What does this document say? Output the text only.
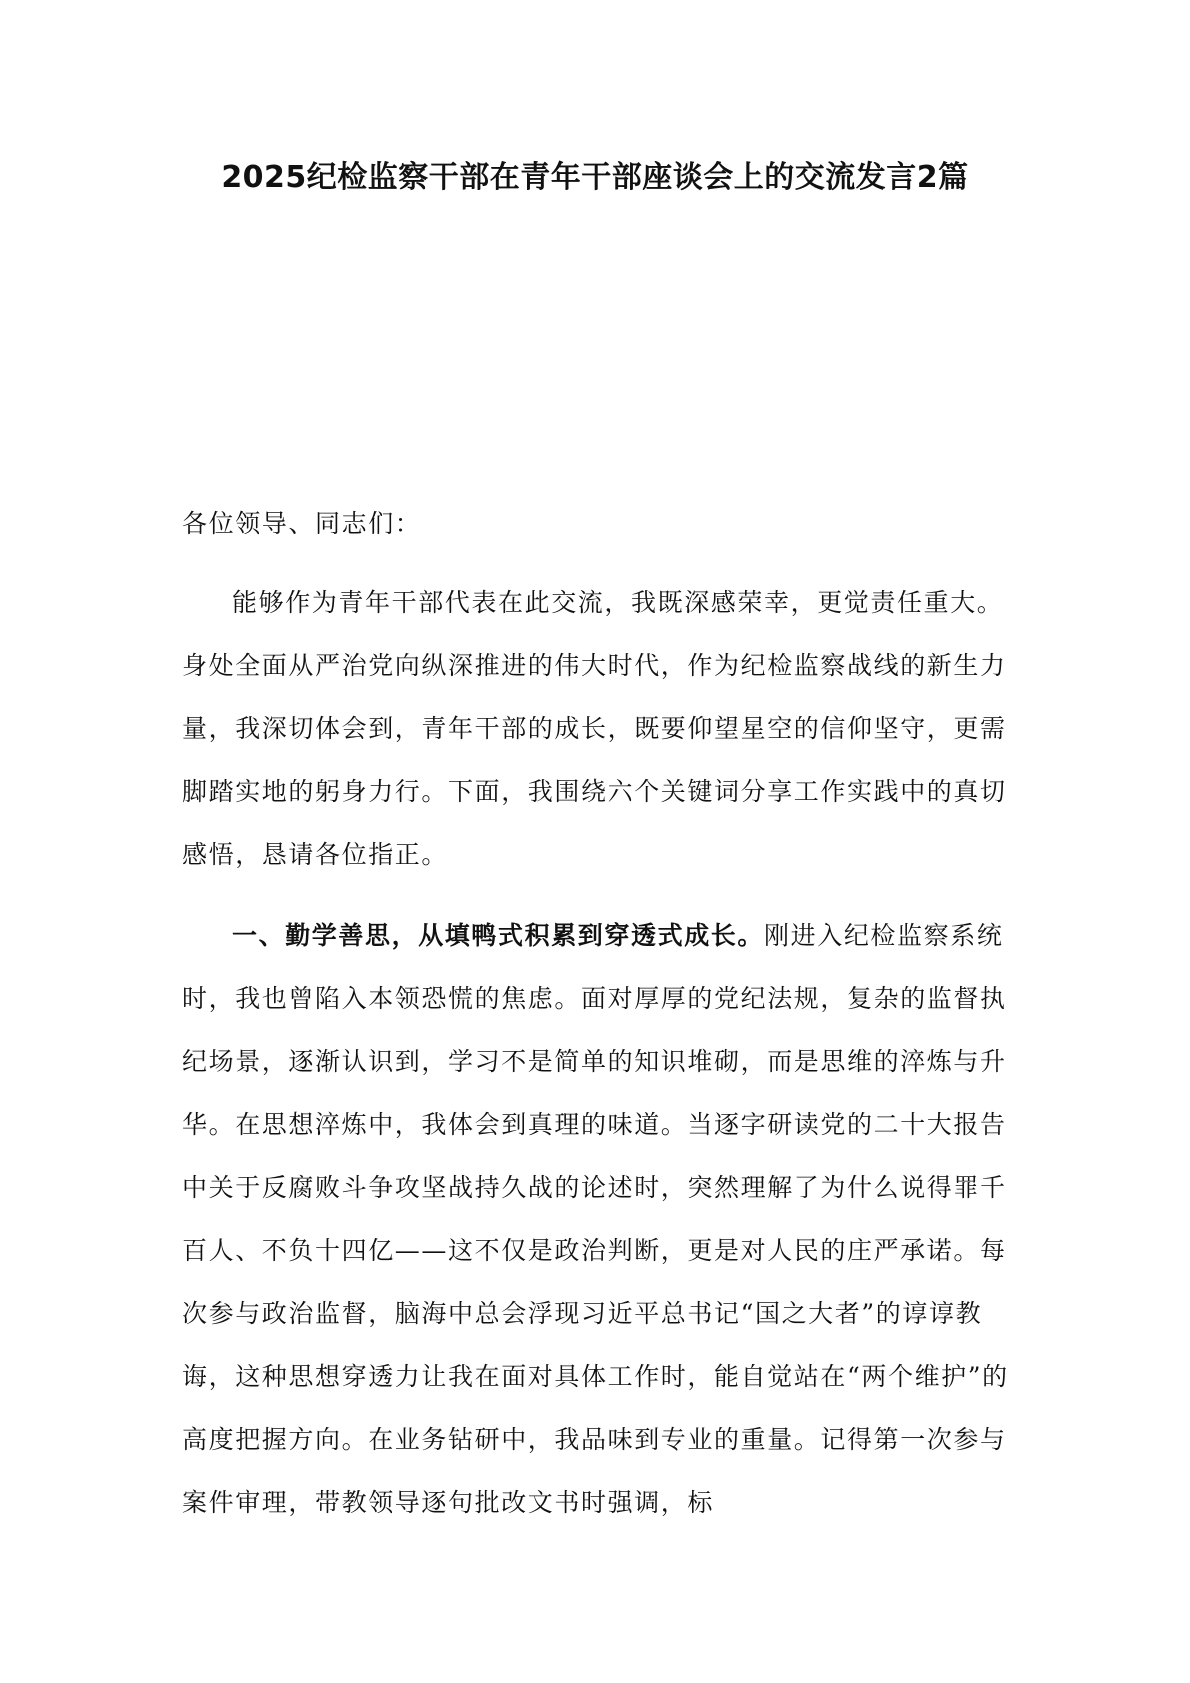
2025纪检监察干部在青年干部座谈会上的交流发言2篇

各位领导、同志们：

能够作为青年干部代表在此交流，我既深感荣幸，更觉责任重大。身处全面从严治党向纵深推进的伟大时代，作为纪检监察战线的新生力量，我深切体会到，青年干部的成长，既要仰望星空的信仰坚守，更需脚踏实地的躬身力行。下面，我围绕六个关键词分享工作实践中的真切感悟，恳请各位指正。

一、勤学善思，从填鸭式积累到穿透式成长。刚进入纪检监察系统时，我也曾陷入本领恐慌的焦虑。面对厚厚的党纪法规，复杂的监督执纪场景，逐渐认识到，学习不是简单的知识堆砌，而是思维的淬炼与升华。在思想淬炼中，我体会到真理的味道。当逐字研读党的二十大报告中关于反腐败斗争攻坚战持久战的论述时，突然理解了为什么说得罪千百人、不负十四亿——这不仅是政治判断，更是对人民的庄严承诺。每次参与政治监督，脑海中总会浮现习近平总书记“国之大者”的谆谆教诲，这种思想穿透力让我在面对具体工作时，能自觉站在“两个维护”的高度把握方向。在业务钻研中，我品味到专业的重量。记得第一次参与案件审理，带教领导逐句批改文书时强调，标
